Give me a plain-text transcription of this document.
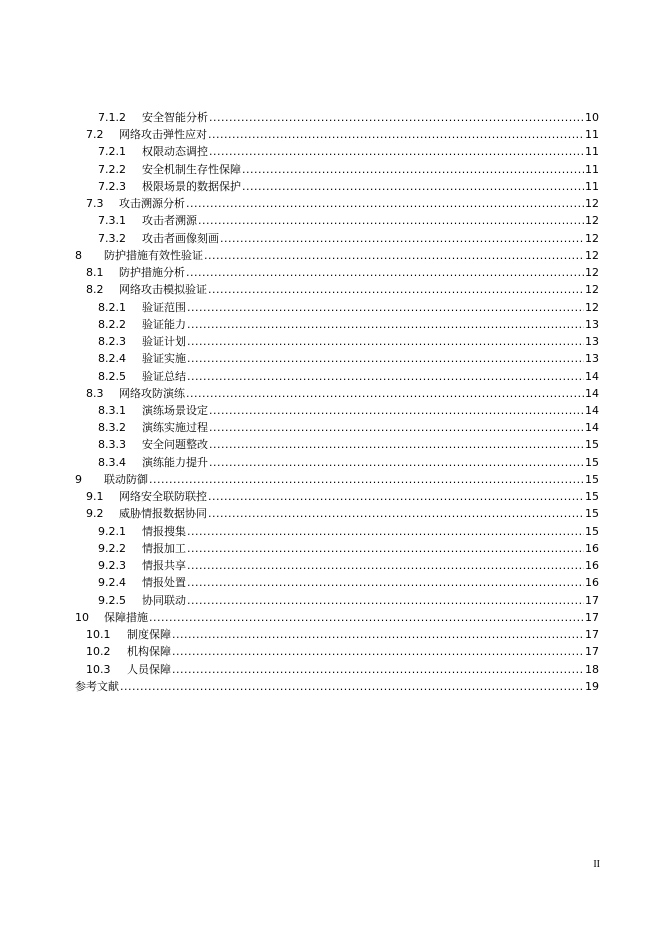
7.1.2	安全智能分析 .....	10
7.2	网络攻击弹性应对 .....	11
7.2.1	权限动态调控 .....	11
7.2.2	安全机制生存性保障 .....	11
7.2.3	极限场景的数据保护 .....	11
7.3	攻击溯源分析 .....	12
7.3.1	攻击者溯源 .....	12
7.3.2	攻击者画像刻画 .....	12
8	防护措施有效性验证 .....	12
8.1	防护措施分析 .....	12
8.2	网络攻击模拟验证 .....	12
8.2.1	验证范围 .....	12
8.2.2	验证能力 .....	13
8.2.3	验证计划 .....	13
8.2.4	验证实施 .....	13
8.2.5	验证总结 .....	14
8.3	网络攻防演练 .....	14
8.3.1	演练场景设定 .....	14
8.3.2	演练实施过程 .....	14
8.3.3	安全问题整改 .....	15
8.3.4	演练能力提升 .....	15
9	联动防御 .....	15
9.1	网络安全联防联控 .....	15
9.2	威胁情报数据协同 .....	15
9.2.1	情报搜集 .....	15
9.2.2	情报加工 .....	16
9.2.3	情报共享 .....	16
9.2.4	情报处置 .....	16
9.2.5	协同联动 .....	17
10	保障措施 .....	17
10.1	制度保障 .....	17
10.2	机构保障 .....	17
10.3	人员保障 .....	18
参考文献 .....	19
II
